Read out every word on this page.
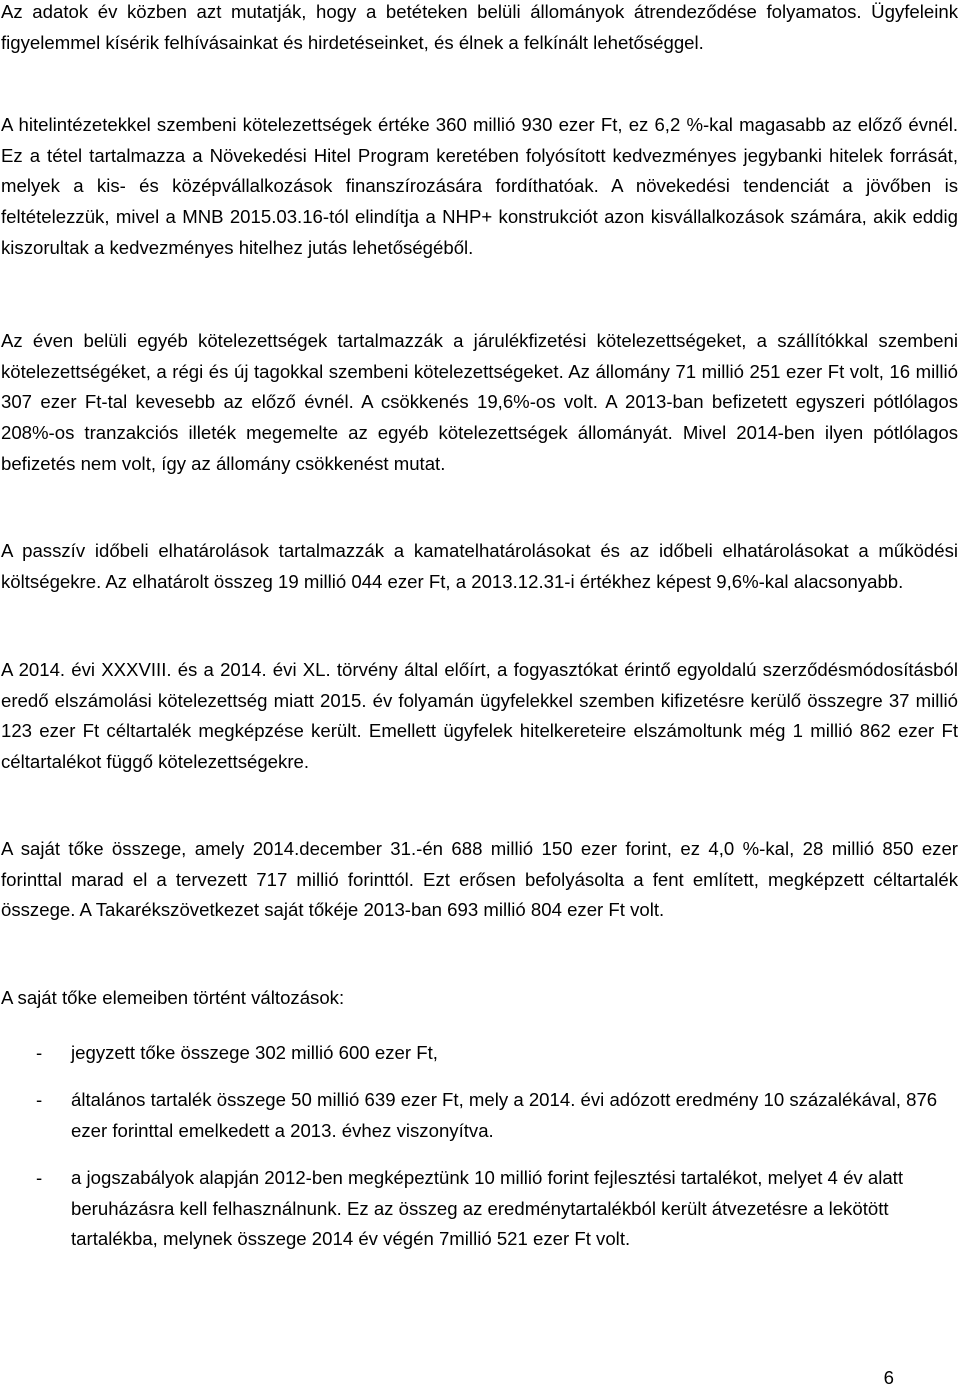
Az adatok év közben azt mutatják, hogy a betéteken belüli állományok átrendeződése folyamatos. Ügyfeleink figyelemmel kísérik felhívásainkat és hirdetéseinket, és élnek a felkínált lehetőséggel.

A hitelintézetekkel szembeni kötelezettségek értéke 360 millió 930 ezer Ft, ez 6,2 %-kal magasabb az előző évnél. Ez a tétel tartalmazza a Növekedési Hitel Program keretében folyósított kedvezményes jegybanki hitelek forrását, melyek a kis- és középvállalkozások finanszírozására fordíthatóak. A növekedési tendenciát a jövőben is feltételezzük, mivel a MNB 2015.03.16-tól elindítja a NHP+ konstrukciót azon kisvállalkozások számára, akik eddig kiszorultak a kedvezményes hitelhez jutás lehetőségéből.

Az éven belüli egyéb kötelezettségek tartalmazzák a járulékfizetési kötelezettségeket, a szállítókkal szembeni kötelezettségéket, a régi és új tagokkal szembeni kötelezettségeket. Az állomány 71 millió 251 ezer Ft volt, 16 millió 307 ezer Ft-tal kevesebb az előző évnél. A csökkenés 19,6%-os volt. A 2013-ban befizetett egyszeri pótlólagos 208%-os tranzakciós illeték megemelte az egyéb kötelezettségek állományát. Mivel 2014-ben ilyen pótlólagos befizetés nem volt, így az állomány csökkenést mutat.

A passzív időbeli elhatárolások tartalmazzák a kamatelhatárolásokat és az időbeli elhatárolásokat a működési költségekre. Az elhatárolt összeg 19 millió 044 ezer Ft, a 2013.12.31-i értékhez képest 9,6%-kal alacsonyabb.

A 2014. évi XXXVIII. és a 2014. évi XL. törvény által előírt, a fogyasztókat érintő egyoldalú szerződésmódosításból eredő elszámolási kötelezettség miatt 2015. év folyamán ügyfelekkel szemben kifizetésre kerülő összegre 37 millió 123 ezer Ft céltartalék megképzése került. Emellett ügyfelek hitelkereteire elszámoltunk még 1 millió 862 ezer Ft céltartalékot függő kötelezettségekre.

A saját tőke összege, amely 2014.december 31.-én 688 millió 150 ezer forint, ez 4,0 %-kal, 28 millió 850 ezer forinttal marad el a tervezett 717 millió forinttól. Ezt erősen befolyásolta a fent említett, megképzett céltartalék összege. A Takarékszövetkezet saját tőkéje 2013-ban 693 millió 804 ezer Ft volt.

A saját tőke elemeiben történt változások:

- jegyzett tőke összege 302 millió 600 ezer Ft,
- általános tartalék összege 50 millió 639 ezer Ft, mely a 2014. évi adózott eredmény 10 százalékával, 876 ezer forinttal emelkedett a 2013. évhez viszonyítva.
- a jogszabályok alapján 2012-ben megképeztünk 10 millió forint fejlesztési tartalékot, melyet 4 év alatt beruházásra kell felhasználnunk. Ez az összeg az eredménytartalékból került átvezetésre a lekötött tartalékba, melynek összege 2014 év végén 7millió 521 ezer Ft volt.
6
